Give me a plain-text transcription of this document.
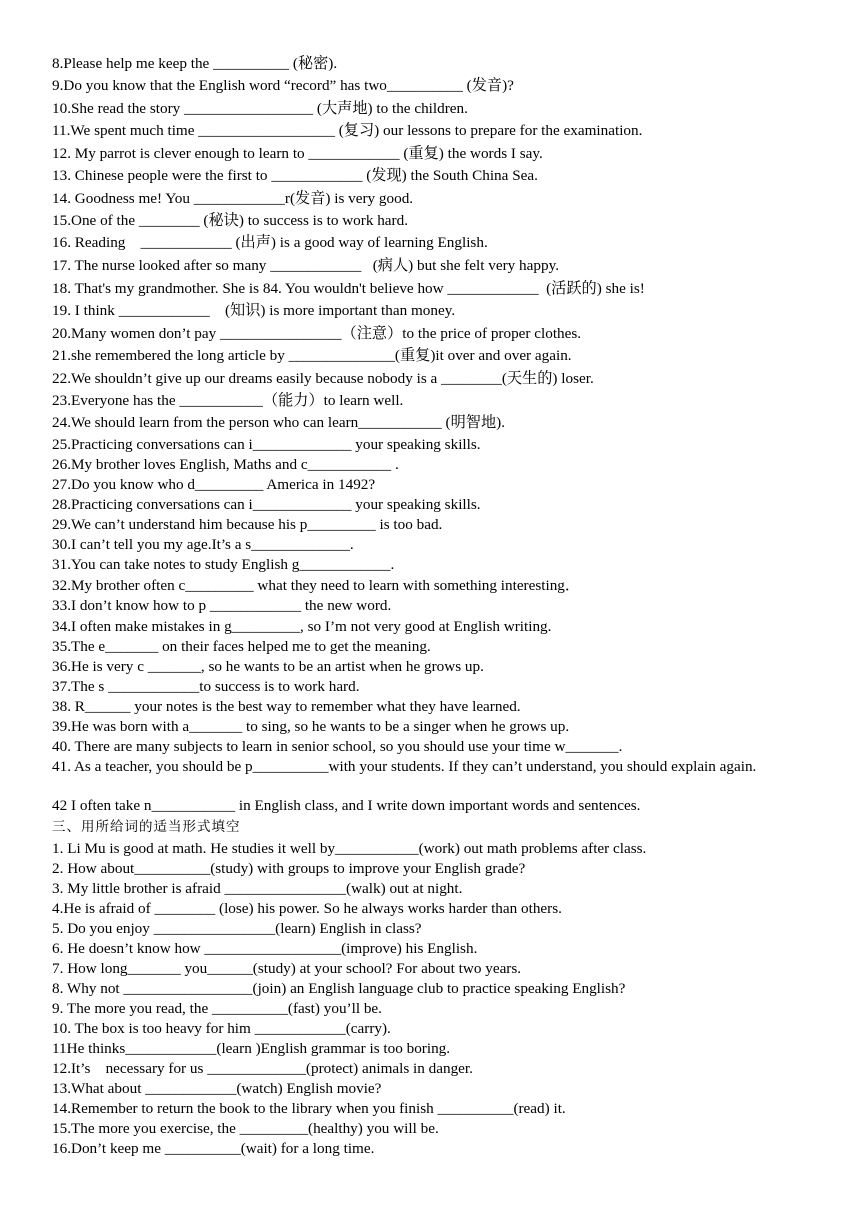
8.Please help me keep the __________ (秘密).
9.Do you know that the English word “record” has two__________ (发音)?
10.She read the story _________________ (大声地) to the children.
11.We spent much time __________________ (复习) our lessons to prepare for the examination.
12. My parrot is clever enough to learn to ____________ (重复) the words I say.
13. Chinese people were the first to ____________ (发现) the South China Sea.
14. Goodness me! You ____________r(发音) is very good.
15.One of the ________ (秘诀) to success is to work hard.
16. Reading    ____________ (出声) is a good way of learning English.
17. The nurse looked after so many ____________   (病人) but she felt very happy.
18. That's my grandmother. She is 84. You wouldn't believe how ____________  (活跃的) she is!
19. I think ____________    (知识) is more important than money.
20.Many women don’t pay ________________（注意）to the price of proper clothes.
21.she remembered the long article by ______________(重复)it over and over again.
22.We shouldn’t give up our dreams easily because nobody is a ________(天生的) loser.
23.Everyone has the ___________（能力）to learn well.
24.We should learn from the person who can learn___________ (明智地).
25.Practicing conversations can i_____________ your speaking skills.
26.My brother loves English, Maths and c___________ .
27.Do you know who d_________ America in 1492?
28.Practicing conversations can i_____________ your speaking skills.
29.We can’t understand him because his p_________ is too bad.
30.I can’t tell you my age.It’s a s_____________.
31.You can take notes to study English g____________.
32.My brother often c_________ what they need to learn with something interesting．
33.I don’t know how to p ____________ the new word.
34.I often make mistakes in g_________, so I’m not very good at English writing.
35.The e_______ on their faces helped me to get the meaning.
36.He is very c _______, so he wants to be an artist when he grows up.
37.The s ____________to success is to work hard.
38. R______ your notes is the best way to remember what they have learned.
39.He was born with a_______ to sing, so he wants to be a singer when he grows up.
40. There are many subjects to learn in senior school, so you should use your time w_______.
41. As a teacher, you should be p__________with your students. If they can’t understand, you should explain again.
42 I often take n___________ in English class, and I write down important words and sentences.
三、用所给词的适当形式填空
1. Li Mu is good at math. He studies it well by___________(work) out math problems after class.
2. How about__________(study) with groups to improve your English grade?
3. My little brother is afraid ________________(walk) out at night.
4.He is afraid of ________ (lose) his power. So he always works harder than others.
5. Do you enjoy ________________(learn) English in class?
6. He doesn’t know how __________________(improve) his English.
7. How long_______ you______(study) at your school? For about two years.
8. Why not _________________(join) an English language club to practice speaking English?
9. The more you read, the __________(fast) you’ll be.
10. The box is too heavy for him ____________(carry).
11He thinks____________(learn )English grammar is too boring.
12.It’s    necessary for us _____________(protect) animals in danger.
13.What about ____________(watch) English movie?
14.Remember to return the book to the library when you finish __________(read) it.
15.The more you exercise, the _________(healthy) you will be.
16.Don’t keep me __________(wait) for a long time.
